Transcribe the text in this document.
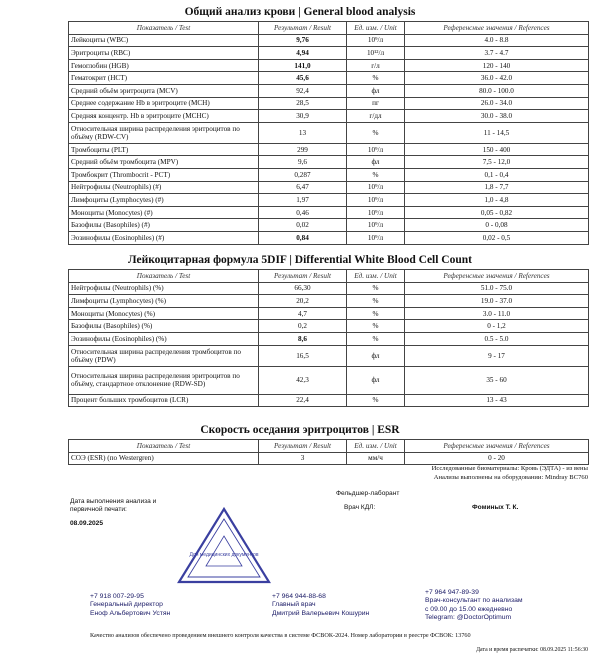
Общий анализ крови | General blood analysis
Показатель / Test	Результат / Result	Ед. изм. / Unit	Референсные значения / References
Лейкоциты (WBC)	9,76	10⁹/л	4.0 - 8.8
Эритроциты (RBC)	4,94	10¹²/л	3.7 - 4.7
Гемоглобин (HGB)	141,0	г/л	120 - 140
Гематокрит (HCT)	45,6	%	36.0 - 42.0
Средний объём эритроцита (MCV)	92,4	фл	80.0 - 100.0
Среднее содержание Hb в эритроците (MCH)	28,5	пг	26.0 - 34.0
Средняя концентр. Hb в эритроците (MCHC)	30,9	г/дл	30.0 - 38.0
Относительная ширина распределения эритроцитов по объёму (RDW-CV)	13	%	11 - 14,5
Тромбоциты (PLT)	299	10⁹/л	150 - 400
Средний объём тромбоцита (MPV)	9,6	фл	7,5 - 12,0
Тромбокрит (Thrombocrit - PCT)	0,287	%	0,1 - 0,4
Нейтрофилы (Neutrophils) (#)	6,47	10⁹/л	1,8 - 7,7
Лимфоциты (Lymphocytes) (#)	1,97	10⁹/л	1,0 - 4,8
Моноциты (Monocytes) (#)	0,46	10⁹/л	0,05 - 0,82
Базофилы (Basophiles) (#)	0,02	10⁹/л	0 - 0,08
Эозинофилы (Eosinophiles) (#)	0,84	10⁹/л	0,02 - 0,5
Лейкоцитарная формула 5DIF | Differential White Blood Cell Count
Показатель / Test	Результат / Result	Ед. изм. / Unit	Референсные значения / References
Нейтрофилы (Neutrophils) (%)	66,30	%	51.0 - 75.0
Лимфоциты (Lymphocytes) (%)	20,2	%	19.0 - 37.0
Моноциты (Monocytes) (%)	4,7	%	3.0 - 11.0
Базофилы (Basophiles) (%)	0,2	%	0 - 1,2
Эозинофилы (Eosinophiles) (%)	8,6	%	0.5 - 5.0
Относительная ширина распределения тромбоцитов по объёму (PDW)	16,5	фл	9 - 17
Относительная ширина распределения эритроцитов по объёму, стандартное отклонение (RDW-SD)	42,3	фл	35 - 60
Процент больших тромбоцитов (LCR)	22,4	%	13 - 43
Скорость оседания эритроцитов | ESR
Показатель / Test	Результат / Result	Ед. изм. / Unit	Референсные значения / References
СОЭ (ESR) (по Westergren)	3	мм/ч	0 - 20
Исследованные биоматериалы: Кровь (ЭДТА) - из вены
Анализы выполнены на оборудовании: Mindray BC760
Дата выполнения анализа и первичной печати:
08.09.2025
Фельдшер-лаборант
Врач КДЛ:	Фоминых Т. К.
Для медицинских документов
+7 918 007-29-95
Генеральный директор
Еноф Альбертович Устян
+7 964 944-88-68
Главный врач
Дмитрий Валерьевич Кошурин
+7 964 947-89-39
Врач-консультант по анализам
с 09.00 до 15.00 ежедневно
Telegram: @DoctorOptimum
Качество анализов обеспечено проведением внешнего контроля качества в системе ФСВОК-2024. Номер лаборатории в реестре ФСВОК: 13760
Дата и время распечатки: 08.09.2025 11:56:30
